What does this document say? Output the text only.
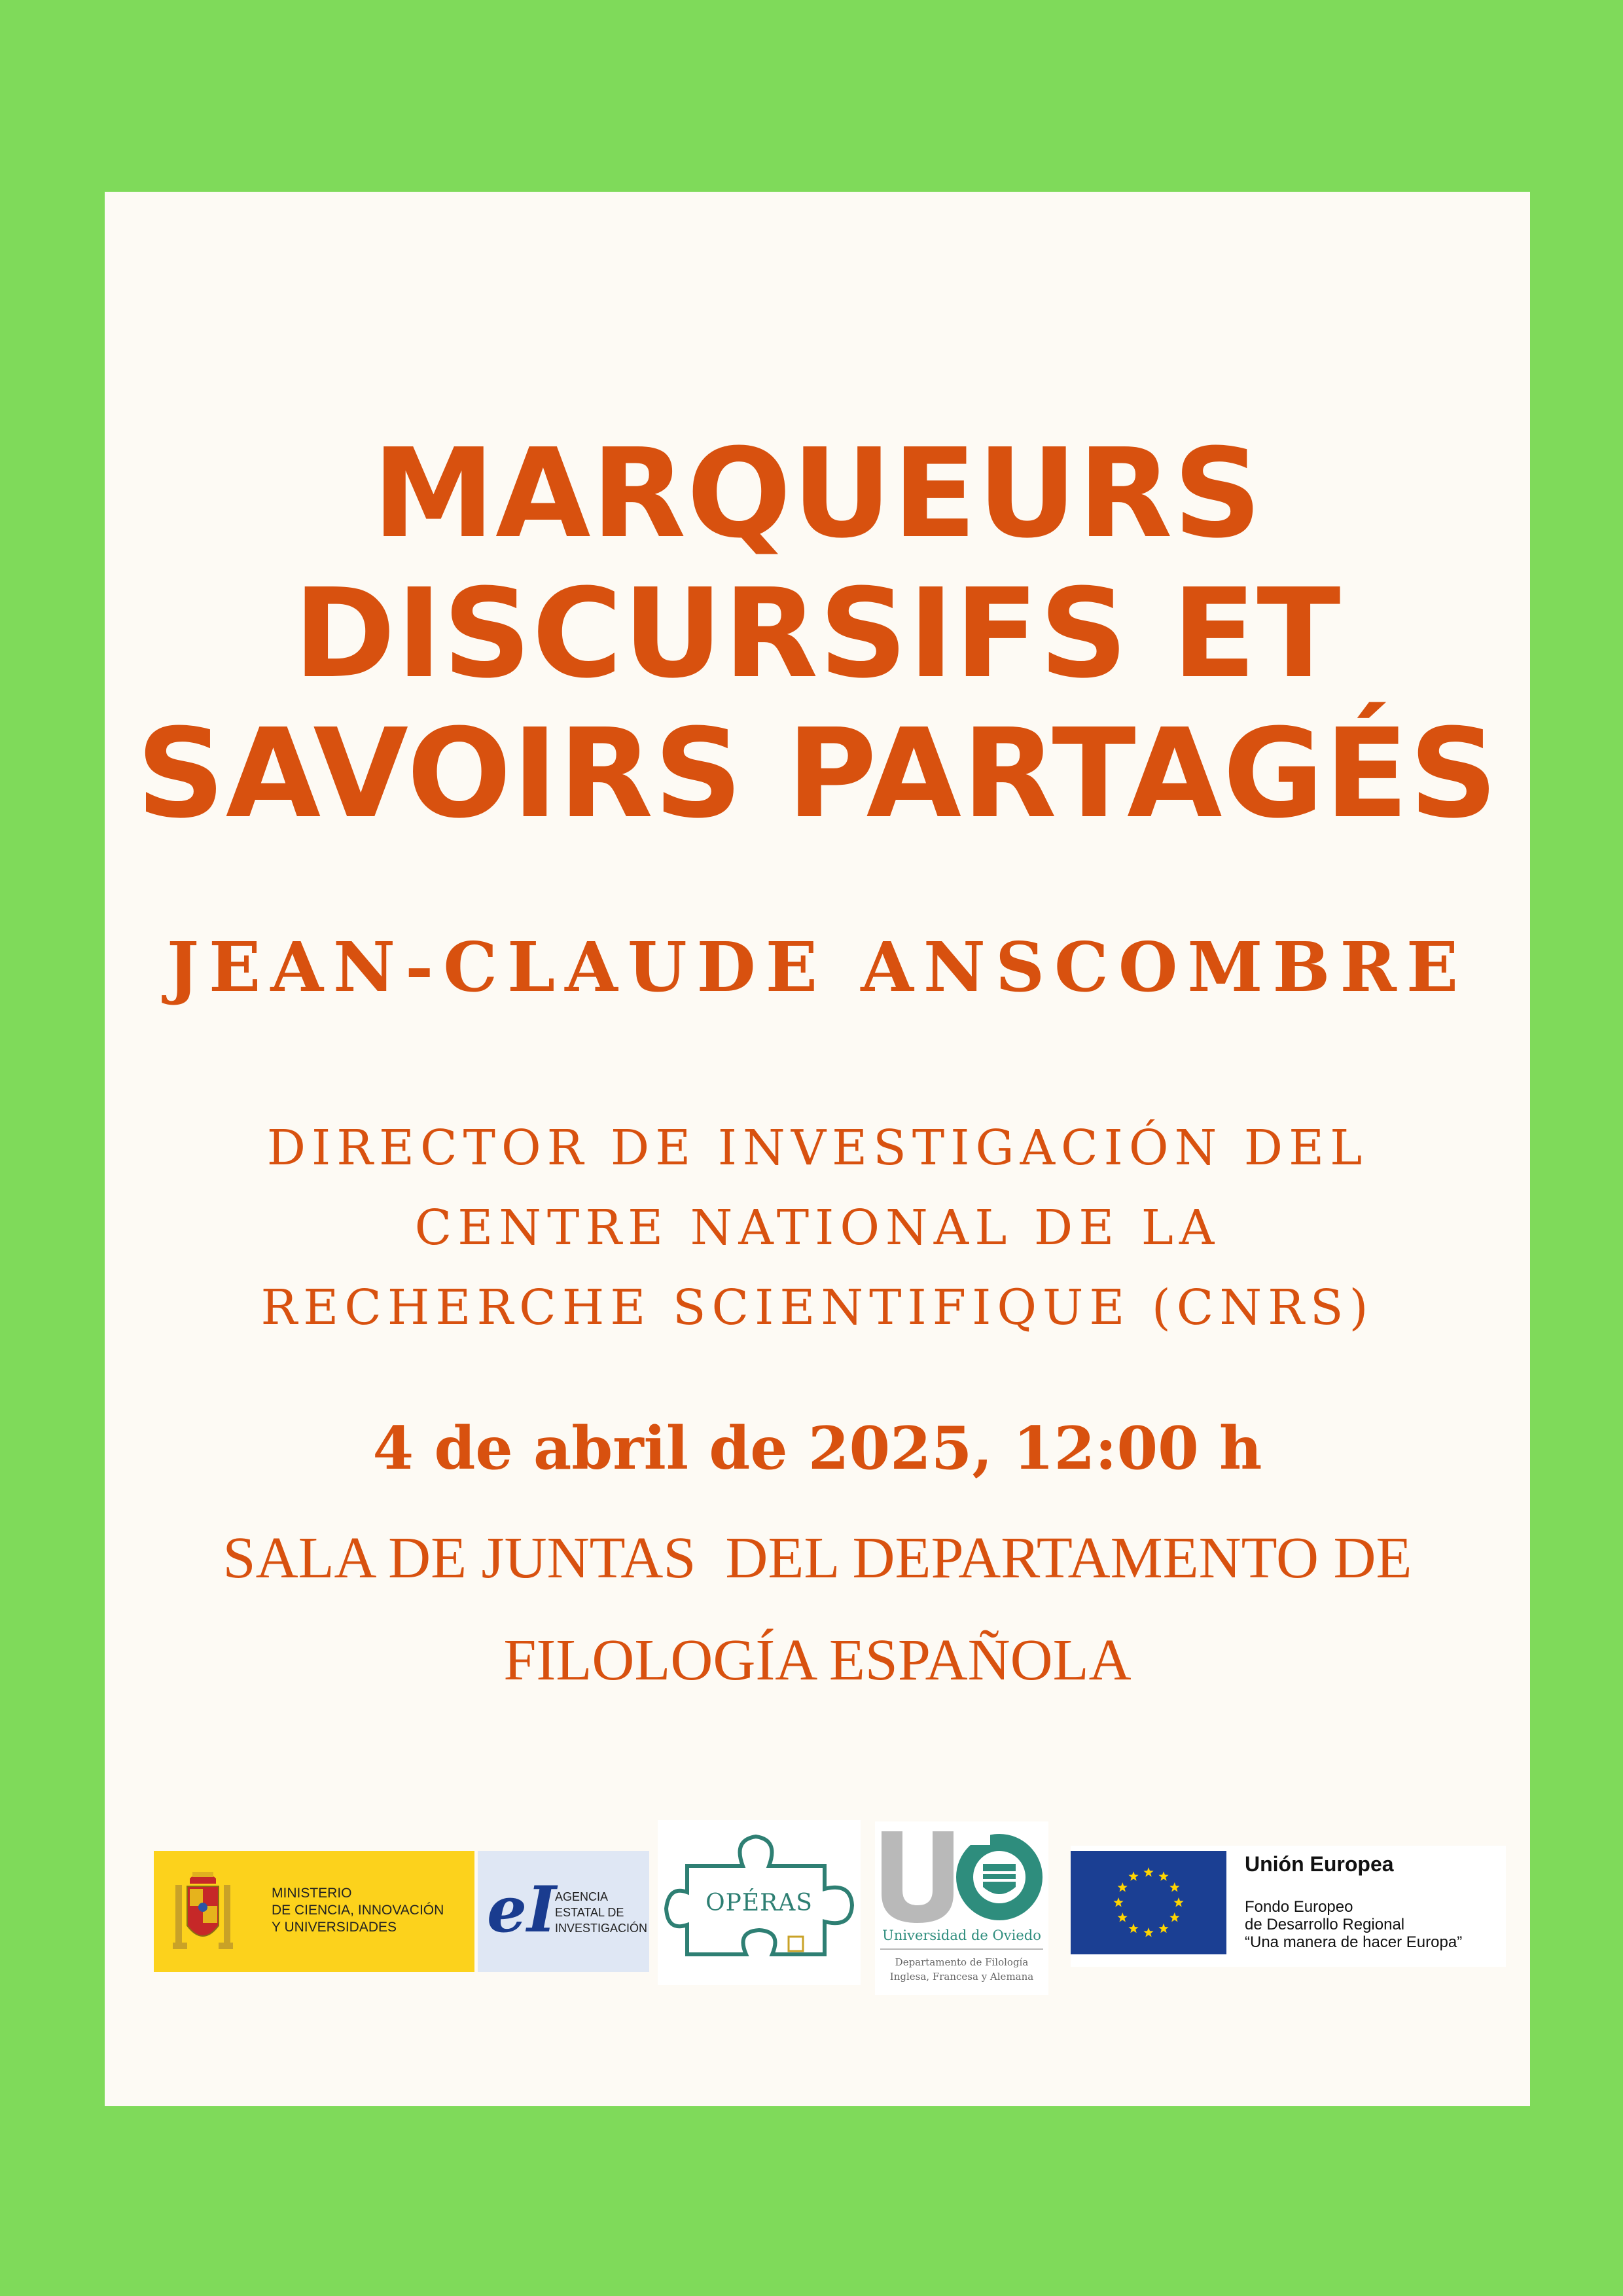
MARQUEURS
DISCURSIFS ET
SAVOIRS PARTAGÉS
JEAN-CLAUDE ANSCOMBRE
DIRECTOR DE INVESTIGACIÓN DEL
CENTRE NATIONAL DE LA
RECHERCHE SCIENTIFIQUE (CNRS)
4 de abril de 2025, 12:00 h
SALA DE JUNTAS  DEL DEPARTAMENTO DE
FILOLOGÍA ESPAÑOLA
MINISTERIO
DE CIENCIA, INNOVACIÓN
Y UNIVERSIDADES	eI
AGENCIA
ESTATAL DE
INVESTIGACIÓN
OPÉRAS
Universidad de Oviedo
Departamento de Filología
Inglesa, Francesa y Alemana
Unión Europea
Fondo Europeo
de Desarrollo Regional
“Una manera de hacer Europa”
